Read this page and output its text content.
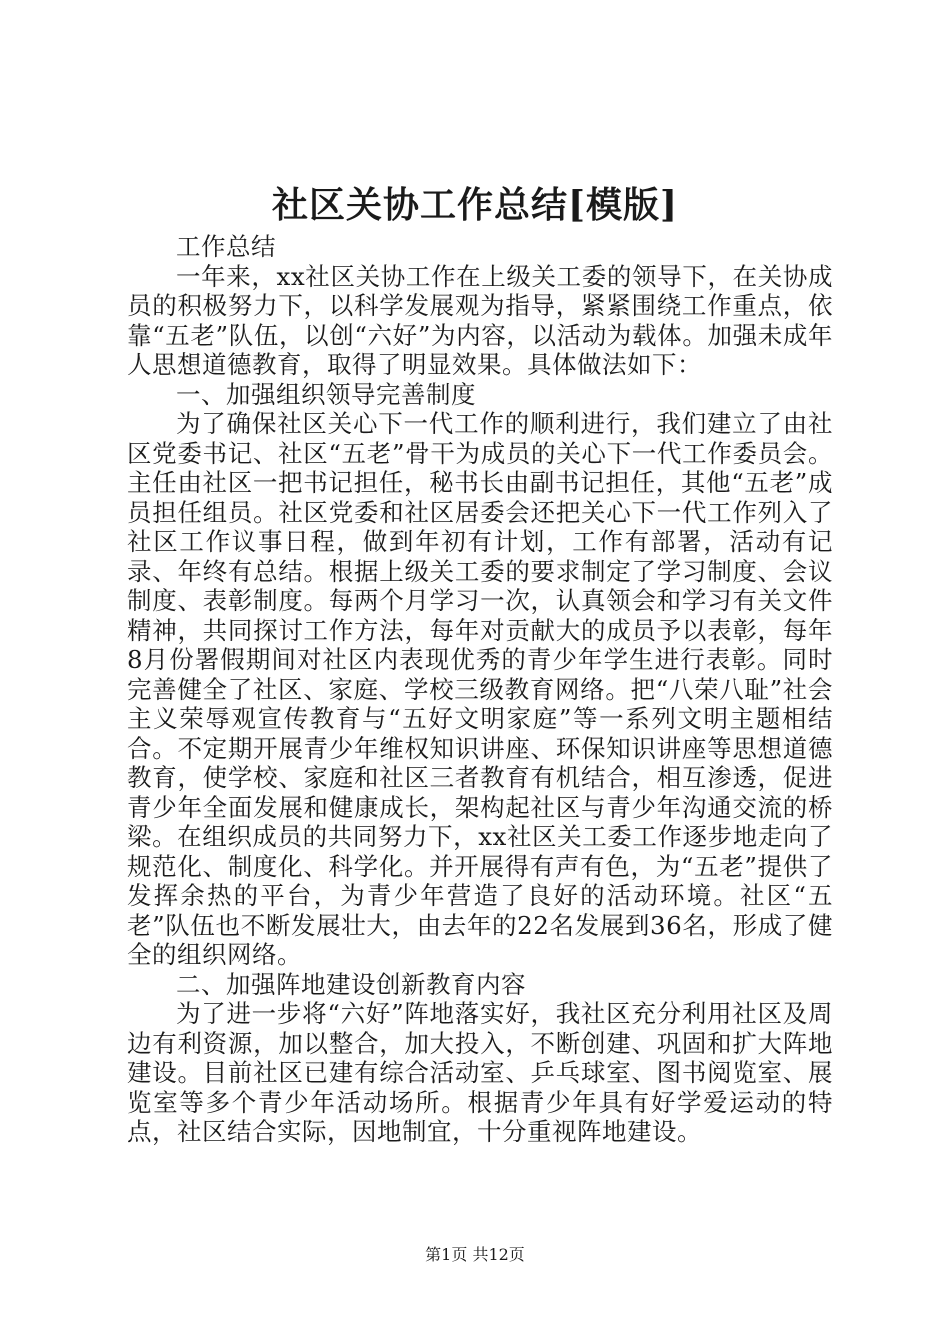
社区关协工作总结[模版]

工作总结

一年来，xx社区关协工作在上级关工委的领导下，在关协成员的积极努力下，以科学发展观为指导，紧紧围绕工作重点，依靠“五老”队伍，以创“六好”为内容，以活动为载体。加强未成年人思想道德教育，取得了明显效果。具体做法如下：

一、加强组织领导完善制度

为了确保社区关心下一代工作的顺利进行，我们建立了由社区党委书记、社区“五老”骨干为成员的关心下一代工作委员会。主任由社区一把书记担任，秘书长由副书记担任，其他“五老”成员担任组员。社区党委和社区居委会还把关心下一代工作列入了社区工作议事日程，做到年初有计划，工作有部署，活动有记录、年终有总结。根据上级关工委的要求制定了学习制度、会议制度、表彰制度。每两个月学习一次，认真领会和学习有关文件精神，共同探讨工作方法，每年对贡献大的成员予以表彰，每年8月份署假期间对社区内表现优秀的青少年学生进行表彰。同时完善健全了社区、家庭、学校三级教育网络。把“八荣八耻”社会主义荣辱观宣传教育与“五好文明家庭”等一系列文明主题相结合。不定期开展青少年维权知识讲座、环保知识讲座等思想道德教育，使学校、家庭和社区三者教育有机结合，相互渗透，促进青少年全面发展和健康成长，架构起社区与青少年沟通交流的桥梁。在组织成员的共同努力下，xx社区关工委工作逐步地走向了规范化、制度化、科学化。并开展得有声有色，为“五老”提供了发挥余热的平台，为青少年营造了良好的活动环境。社区“五老”队伍也不断发展壮大，由去年的22名发展到36名，形成了健全的组织网络。

二、加强阵地建设创新教育内容

为了进一步将“六好”阵地落实好，我社区充分利用社区及周边有利资源，加以整合，加大投入，不断创建、巩固和扩大阵地建设。目前社区已建有综合活动室、乒乓球室、图书阅览室、展览室等多个青少年活动场所。根据青少年具有好学爱运动的特点，社区结合实际，因地制宜，十分重视阵地建设。

第1页 共12页
